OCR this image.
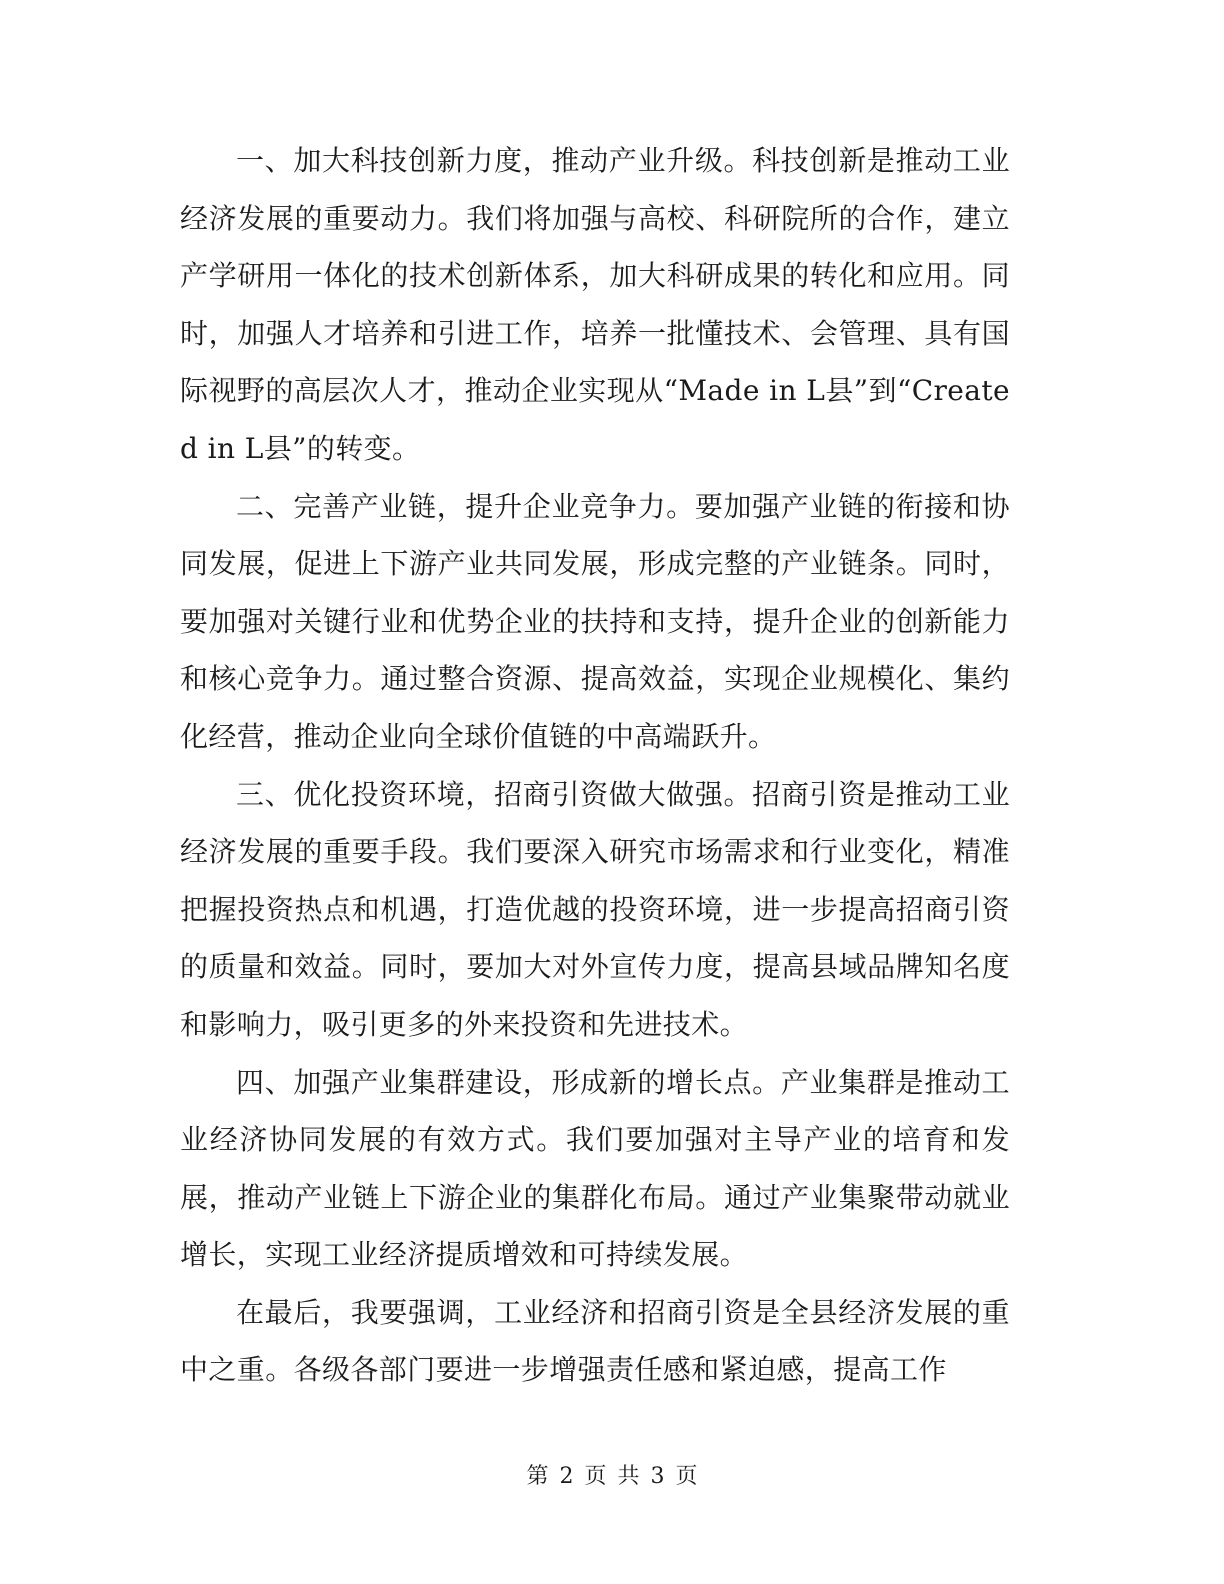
一、加大科技创新力度，推动产业升级。科技创新是推动工业经济发展的重要动力。我们将加强与高校、科研院所的合作，建立产学研用一体化的技术创新体系，加大科研成果的转化和应用。同时，加强人才培养和引进工作，培养一批懂技术、会管理、具有国际视野的高层次人才，推动企业实现从“Made in L县”到“Created in L县”的转变。

二、完善产业链，提升企业竞争力。要加强产业链的衔接和协同发展，促进上下游产业共同发展，形成完整的产业链条。同时，要加强对关键行业和优势企业的扶持和支持，提升企业的创新能力和核心竞争力。通过整合资源、提高效益，实现企业规模化、集约化经营，推动企业向全球价值链的中高端跃升。

三、优化投资环境，招商引资做大做强。招商引资是推动工业经济发展的重要手段。我们要深入研究市场需求和行业变化，精准把握投资热点和机遇，打造优越的投资环境，进一步提高招商引资的质量和效益。同时，要加大对外宣传力度，提高县域品牌知名度和影响力，吸引更多的外来投资和先进技术。

四、加强产业集群建设，形成新的增长点。产业集群是推动工业经济协同发展的有效方式。我们要加强对主导产业的培育和发展，推动产业链上下游企业的集群化布局。通过产业集聚带动就业增长，实现工业经济提质增效和可持续发展。

在最后，我要强调，工业经济和招商引资是全县经济发展的重中之重。各级各部门要进一步增强责任感和紧迫感，提高工作

第 2 页 共 3 页
